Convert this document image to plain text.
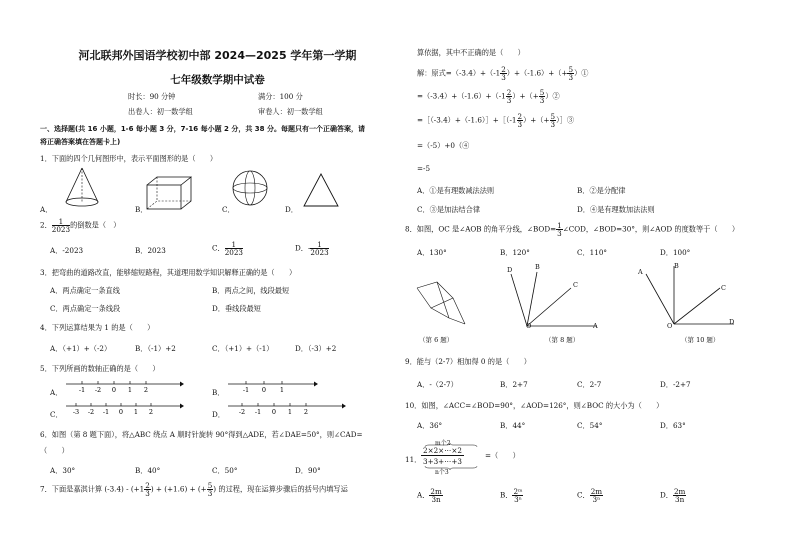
河北联邦外国语学校初中部 2024—2025 学年第一学期
七年级数学期中试卷
时长：90 分钟	满分：100 分
出卷人：初一数学组	审卷人：初一数学组
一、选择题(共 16 小题，1-6 每小题 3 分，7-16 每小题 2 分，共 38 分。每题只有一个正确答案，请
将正确答案填在答题卡上)
1．下面的四个几何图形中，表示平面图形的是（　　）
A．	B．	C．	D．
2． $\frac{1}{2023}$ 的倒数是（　）
A．-2023	B．2023	C． $\frac{1}{2023}$	D．- $\frac{1}{2023}$
3．把弯曲的道路改直，能够缩短路程，其道理用数学知识解释正确的是（　　）
A．两点确定一条直线	B．两点之间，线段最短
C．两点确定一条线段	D．垂线段最短
4．下列运算结果为 1 的是（　　）
A．（+1）+（-2）	B．（-1）+2	C．（+1）+（-1）	D．（-3）+2
5．下列所画的数轴正确的是（　　）
A．	-1 -2 0 1 2	B．	-1 0 1
C． -3 -2 -1 0 1 2	D． -2 -1 0 1 2
6．如图（第 8 题下面），将△ABC 绕点 A 顺时针旋转 90°得到△ADE，若∠DAE=50°，则∠CAD=
（　　）
A．30°	B．40°	C．50°	D．90°
7．下面是嘉淇计算 $(-3.4) - (+1 \frac{2}{3}$ ) + (+1.6) + (+ $\frac{5}{3}$ ) 的过程，现在运算步骤后的括号内填写运
算依据，其中不正确的是（　　）
解：原式$=(-3.4)+(-1 \frac{2}{3} )+(-1.6)+(+ \frac{5}{3}$ ）①
$=(-3.4)+(-1.6)+(-1 \frac{2}{3}$ ）+（+ $\frac{5}{3}$ ）②
=［（-3.4）+（-1.6）］+［（-1 $\frac{2}{3}$ ）+（+ $\frac{5}{3}$ ）］③
=（-5）+0（④
=-5
A．①是有理数减法法则	B．②是分配律
C．③是加法结合律	D．④是有理数加法法则
8．如图，OC 是∠AOB 的角平分线，∠BOD= $\frac{1}{3}$ ∠COD，∠BOD=30°，则∠AOD 的度数等于（　　）
A．130°	B．120°	C．110°	D．100°
（第 6 题）
D	B
C
O	A
（第 8 题）
A
B
C
D
O
（第 10 题）
9．能与（2-7）相加得 0 的是（　　）
A．-（2-7）	B．2+7	C．2-7	D．-2+7
10．如图，∠ACC=∠BOD=90°，∠AOD=126°，则∠BOC 的大小为（　　）
A．36°	B．44°	C．54°	D．63°
11．
m个2
2×2×⋯×2
3+3+⋯+3
n个3
=（　　）
A． $\frac{2m}{3n}$	B． $\frac{\text{2ᵐ}}{\text{3ⁿ}}$	C． $\frac{2m}{\text{3ⁿ}}$	D． $\frac{2m}{3n}$
